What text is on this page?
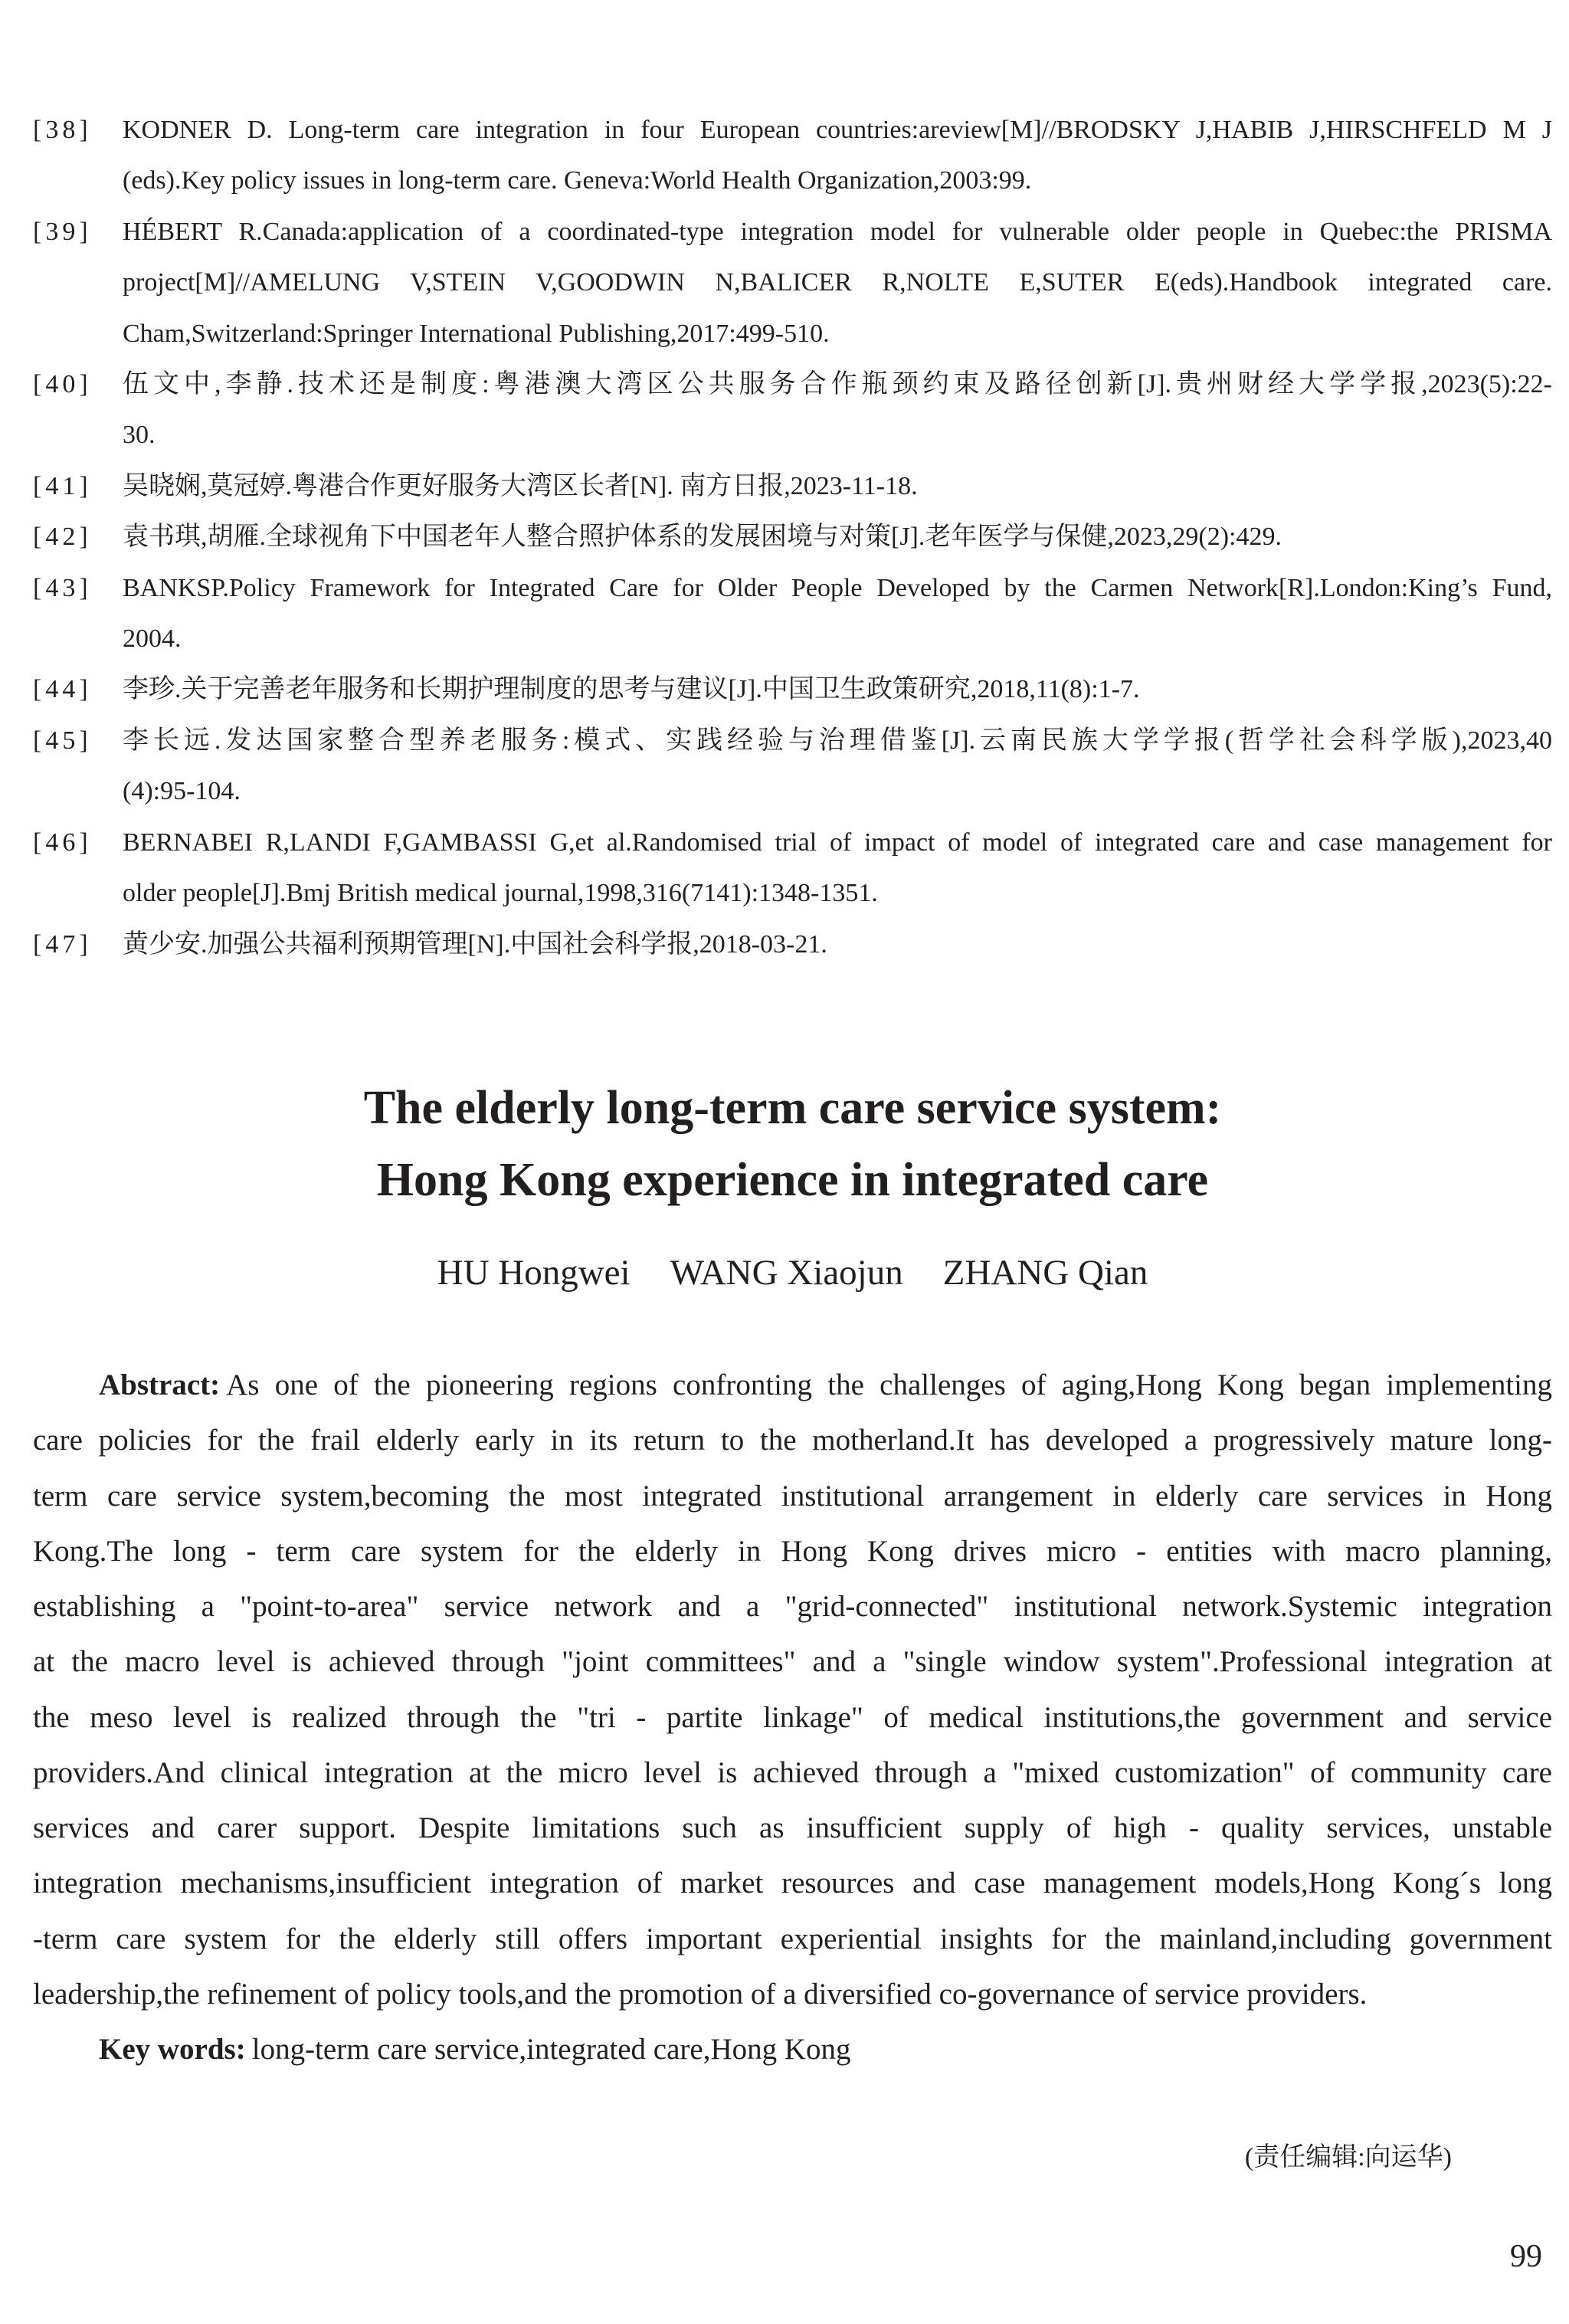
[38]	KODNER D. Long-term care integration in four European countries:areview[M]//BRODSKY J,HABIB J,HIRSCHFELD M J
(eds).Key policy issues in long-term care. Geneva:World Health Organization,2003:99.
[39]	HÉBERT R.Canada:application of a coordinated-type integration model for vulnerable older people in Quebec:the PRISMA
project[M]//AMELUNG V,STEIN V,GOODWIN N,BALICER R,NOLTE E,SUTER E(eds).Handbook integrated care.
Cham,Switzerland:Springer International Publishing,2017:499-510.
[40]	伍文中,李静.技术还是制度:粤港澳大湾区公共服务合作瓶颈约束及路径创新[J].贵州财经大学学报,2023(5):22-
30.
[41]	吴晓娴,莫冠婷.粤港合作更好服务大湾区长者[N]. 南方日报,2023-11-18.
[42]	袁书琪,胡雁.全球视角下中国老年人整合照护体系的发展困境与对策[J].老年医学与保健,2023,29(2):429.
[43]	BANKSP.Policy Framework for Integrated Care for Older People Developed by the Carmen Network[R].London:King’s Fund,
2004.
[44]	李珍.关于完善老年服务和长期护理制度的思考与建议[J].中国卫生政策研究,2018,11(8):1-7.
[45]	李长远.发达国家整合型养老服务:模式、实践经验与治理借鉴[J].云南民族大学学报(哲学社会科学版),2023,40
(4):95-104.
[46]	BERNABEI R,LANDI F,GAMBASSI G,et al.Randomised trial of impact of model of integrated care and case management for
older people[J].Bmj British medical journal,1998,316(7141):1348-1351.
[47]	黄少安.加强公共福利预期管理[N].中国社会科学报,2018-03-21.
The elderly long-term care service system:
Hong Kong experience in integrated care
HU Hongwei WANG Xiaojun ZHANG Qian
Abstract: As one of the pioneering regions confronting the challenges of aging,Hong Kong began implementing
care policies for the frail elderly early in its return to the motherland.It has developed a progressively mature long-
term care service system,becoming the most integrated institutional arrangement in elderly care services in Hong
Kong.The long - term care system for the elderly in Hong Kong drives micro - entities with macro planning,
establishing a "point-to-area" service network and a "grid-connected" institutional network.Systemic integration
at the macro level is achieved through "joint committees" and a "single window system".Professional integration at
the meso level is realized through the "tri - partite linkage" of medical institutions,the government and service
providers.And clinical integration at the micro level is achieved through a "mixed customization" of community care
services and carer support. Despite limitations such as insufficient supply of high - quality services, unstable
integration mechanisms,insufficient integration of market resources and case management models,Hong Kong´s long
-term care system for the elderly still offers important experiential insights for the mainland,including government
leadership,the refinement of policy tools,and the promotion of a diversified co-governance of service providers.
Key words: long-term care service,integrated care,Hong Kong
(责任编辑:向运华)
99
